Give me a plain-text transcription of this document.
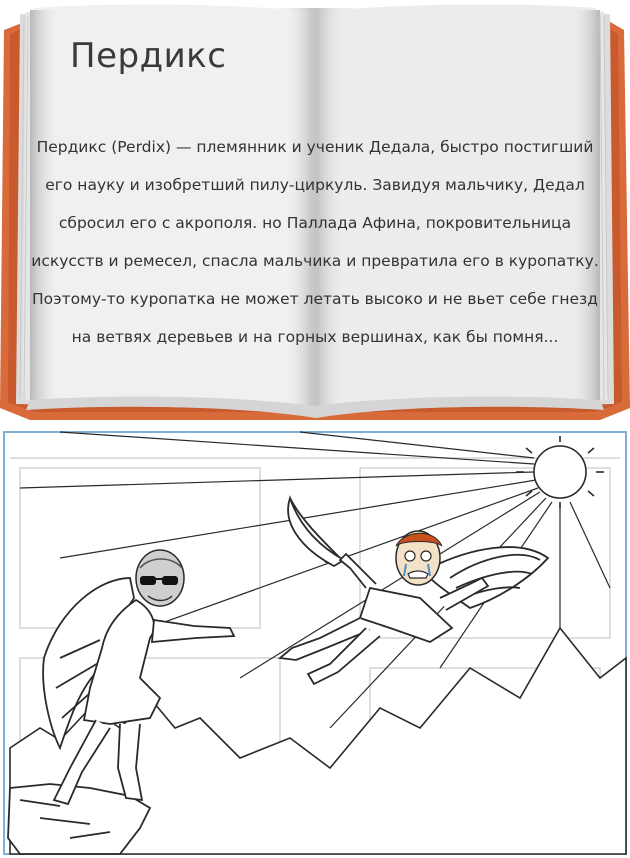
Пердикс
Пердикс (Perdix) — племянник и ученик Дедала, быстро постигший его науку и изобретший пилу-циркуль. Завидуя мальчику, Дедал сбросил его с акрополя. но Паллада Афина, покровительница искусств и ремесел, спасла мальчика и превратила его в куропатку. Поэтому-то куропатка не может летать высоко и не вьет себе гнезд на ветвях деревьев и на горных вершинах, как бы помня...
